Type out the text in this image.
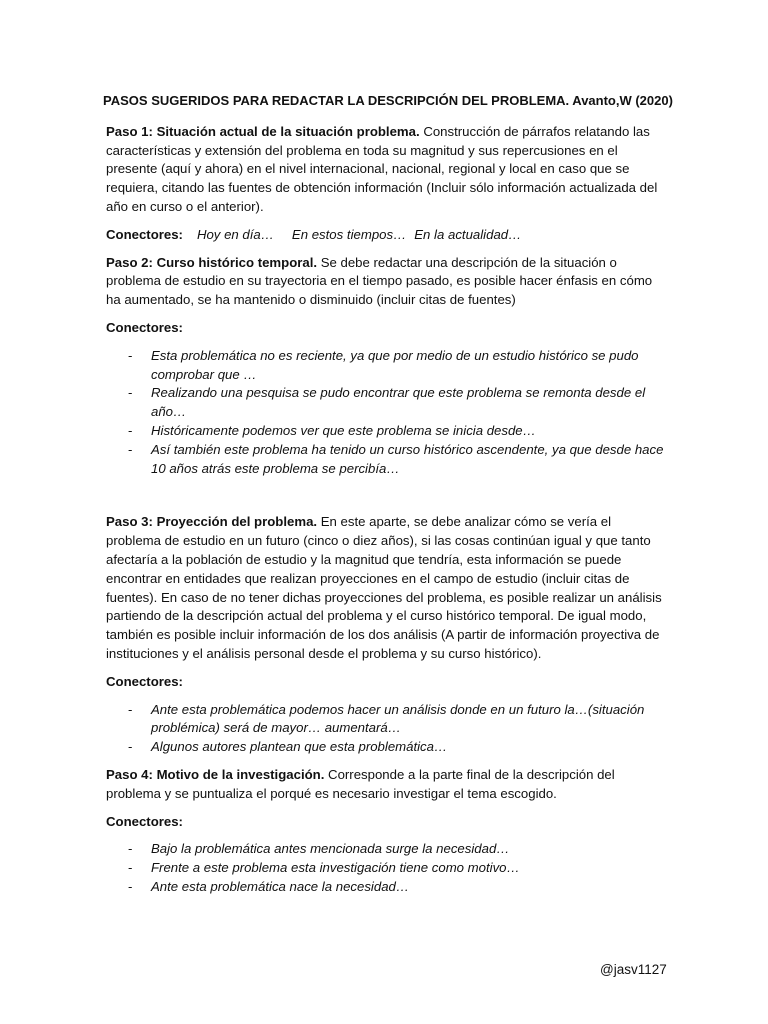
PASOS SUGERIDOS PARA REDACTAR LA DESCRIPCIÓN DEL PROBLEMA. Avanto,W (2020)

Paso 1: Situación actual de la situación problema. Construcción de párrafos relatando las características y extensión del problema en toda su magnitud y sus repercusiones en el presente (aquí y ahora) en el nivel internacional, nacional, regional y local en caso que se requiera, citando las fuentes de obtención información (Incluir sólo información actualizada del año en curso o el anterior).

Conectores: Hoy en día… En estos tiempos… En la actualidad…

Paso 2: Curso histórico temporal. Se debe redactar una descripción de la situación o problema de estudio en su trayectoria en el tiempo pasado, es posible hacer énfasis en cómo ha aumentado, se ha mantenido o disminuido (incluir citas de fuentes)

Conectores:

- Esta problemática no es reciente, ya que por medio de un estudio histórico se pudo comprobar que …
- Realizando una pesquisa se pudo encontrar que este problema se remonta desde el año…
- Históricamente podemos ver que este problema se inicia desde…
- Así también este problema ha tenido un curso histórico ascendente, ya que desde hace 10 años atrás este problema se percibía…

Paso 3: Proyección del problema. En este aparte, se debe analizar cómo se vería el problema de estudio en un futuro (cinco o diez años), si las cosas continúan igual y que tanto afectaría a la población de estudio y la magnitud que tendría, esta información se puede encontrar en entidades que realizan proyecciones en el campo de estudio (incluir citas de fuentes). En caso de no tener dichas proyecciones del problema, es posible realizar un análisis partiendo de la descripción actual del problema y el curso histórico temporal. De igual modo, también es posible incluir información de los dos análisis (A partir de información proyectiva de instituciones y el análisis personal desde el problema y su curso histórico).

Conectores:

- Ante esta problemática podemos hacer un análisis donde en un futuro la…(situación problémica) será de mayor… aumentará…
- Algunos autores plantean que esta problemática…

Paso 4: Motivo de la investigación. Corresponde a la parte final de la descripción del problema y se puntualiza el porqué es necesario investigar el tema escogido.

Conectores:

- Bajo la problemática antes mencionada surge la necesidad…
- Frente a este problema esta investigación tiene como motivo…
- Ante esta problemática nace la necesidad…
@jasv1127
